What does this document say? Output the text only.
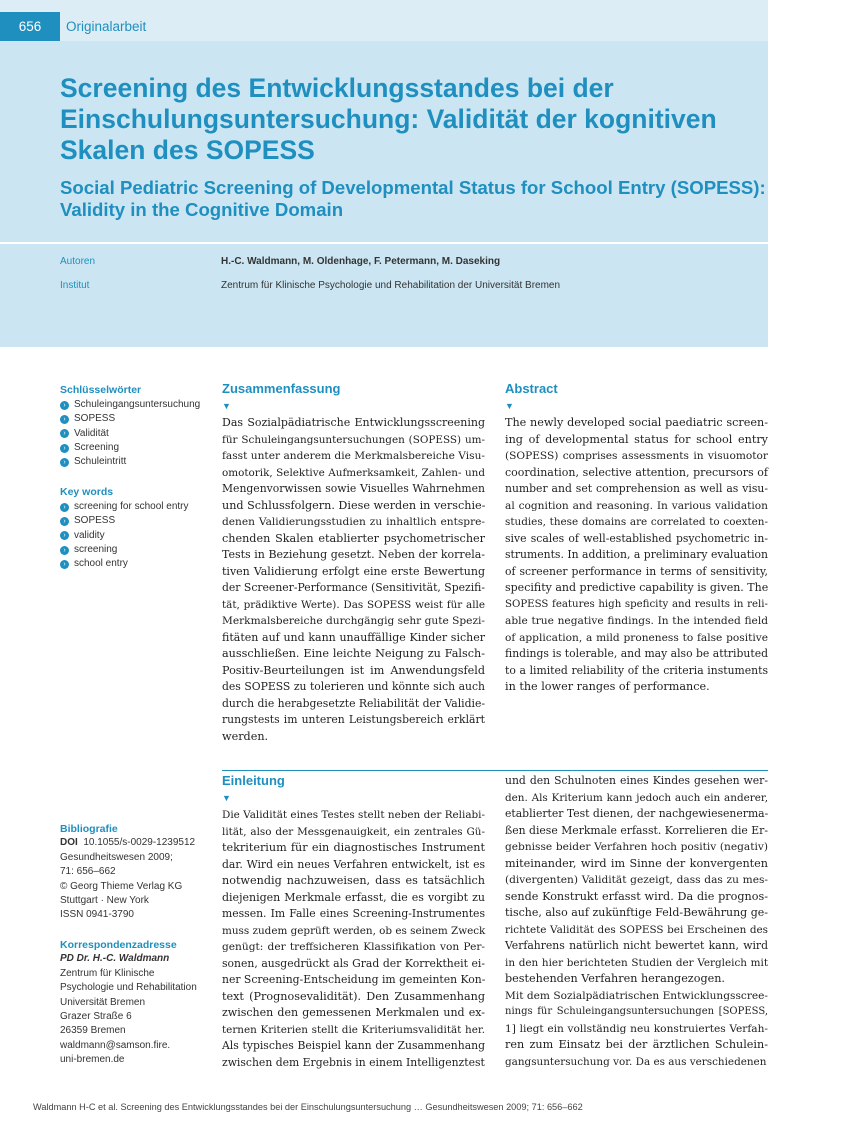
656	Originalarbeit
Screening des Entwicklungsstandes bei der Einschulungsuntersuchung: Validität der kognitiven Skalen des SOPESS
Social Pediatric Screening of Developmental Status for School Entry (SOPESS): Validity in the Cognitive Domain
Autoren	H.-C. Waldmann, M. Oldenhage, F. Petermann, M. Daseking
Institut	Zentrum für Klinische Psychologie und Rehabilitation der Universität Bremen
Schlüsselwörter
› Schuleingangsuntersuchung
› SOPESS
› Validität
› Screening
› Schuleintritt
Key words
› screening for school entry
› SOPESS
› validity
› screening
› school entry
Bibliografie
DOI 10.1055/s-0029-1239512
Gesundheitswesen 2009;
71: 656–662
© Georg Thieme Verlag KG
Stuttgart · New York
ISSN 0941-3790
Korrespondenzadresse
PD Dr. H.-C. Waldmann
Zentrum für Klinische
Psychologie und Rehabilitation
Universität Bremen
Grazer Straße 6
26359 Bremen
waldmann@samson.fire.
uni-bremen.de
Zusammenfassung
▼
Das Sozialpädiatrische Entwicklungsscreening
für Schuleingangsuntersuchungen (SOPESS) um-
fasst unter anderem die Merkmalsbereiche Visu-
omotorik, Selektive Aufmerksamkeit, Zahlen- und
Mengenvorwissen sowie Visuelles Wahrnehmen
und Schlussfolgern. Diese werden in verschie-
denen Validierungsstudien zu inhaltlich entspre-
chenden Skalen etablierter psychometrischer
Tests in Beziehung gesetzt. Neben der korrela-
tiven Validierung erfolgt eine erste Bewertung
der Screener-Performance (Sensitivität, Spezifi-
tät, prädiktive Werte). Das SOPESS weist für alle
Merkmalsbereiche durchgängig sehr gute Spezi-
fitäten auf und kann unauffällige Kinder sicher
ausschließen. Eine leichte Neigung zu Falsch-
Positiv-Beurteilungen ist im Anwendungsfeld
des SOPESS zu tolerieren und könnte sich auch
durch die herabgesetzte Reliabilität der Validie-
rungstests im unteren Leistungsbereich erklärt
werden.
Abstract
▼
The newly developed social paediatric screen-
ing of developmental status for school entry
(SOPESS) comprises assessments in visuomotor
coordination, selective attention, precursors of
number and set comprehension as well as visu-
al cognition and reasoning. In various validation
studies, these domains are correlated to coexten-
sive scales of well-established psychometric in-
struments. In addition, a preliminary evaluation
of screener performance in terms of sensitivity,
specifity and predictive capability is given. The
SOPESS features high speficity and results in reli-
able true negative findings. In the intended field
of application, a mild proneness to false positive
findings is tolerable, and may also be attributed
to a limited reliability of the criteria instuments
in the lower ranges of performance.
Einleitung
▼
Die Validität eines Testes stellt neben der Reliabi-
lität, also der Messgenauigkeit, ein zentrales Gü-
tekriterium für ein diagnostisches Instrument
dar. Wird ein neues Verfahren entwickelt, ist es
notwendig nachzuweisen, dass es tatsächlich
diejenigen Merkmale erfasst, die es vorgibt zu
messen. Im Falle eines Screening-Instrumentes
muss zudem geprüft werden, ob es seinem Zweck
genügt: der treffsicheren Klassifikation von Per-
sonen, ausgedrückt als Grad der Korrektheit ei-
ner Screening-Entscheidung im gemeinten Kon-
text (Prognosevalidität). Den Zusammenhang
zwischen den gemessenen Merkmalen und ex-
ternen Kriterien stellt die Kriteriumsvalidität her.
Als typisches Beispiel kann der Zusammenhang
zwischen dem Ergebnis in einem Intelligenztest
und den Schulnoten eines Kindes gesehen wer-
den. Als Kriterium kann jedoch auch ein anderer,
etablierter Test dienen, der nachgewiesenerma-
ßen diese Merkmale erfasst. Korrelieren die Er-
gebnisse beider Verfahren hoch positiv (negativ)
miteinander, wird im Sinne der konvergenten
(divergenten) Validität gezeigt, dass das zu mes-
sende Konstrukt erfasst wird. Da die prognos-
tische, also auf zukünftige Feld-Bewährung ge-
richtete Validität des SOPESS bei Erscheinen des
Verfahrens natürlich nicht bewertet kann, wird
in den hier berichteten Studien der Vergleich mit
bestehenden Verfahren herangezogen.
Mit dem Sozialpädiatrischen Entwicklungsscree-
nings für Schuleingangsuntersuchungen [SOPESS,
1] liegt ein vollständig neu konstruiertes Verfah-
ren zum Einsatz bei der ärztlichen Schulein-
gangsuntersuchung vor. Da es aus verschiedenen
Waldmann H-C et al. Screening des Entwicklungsstandes bei der Einschulungsuntersuchung … Gesundheitswesen 2009; 71: 656–662
